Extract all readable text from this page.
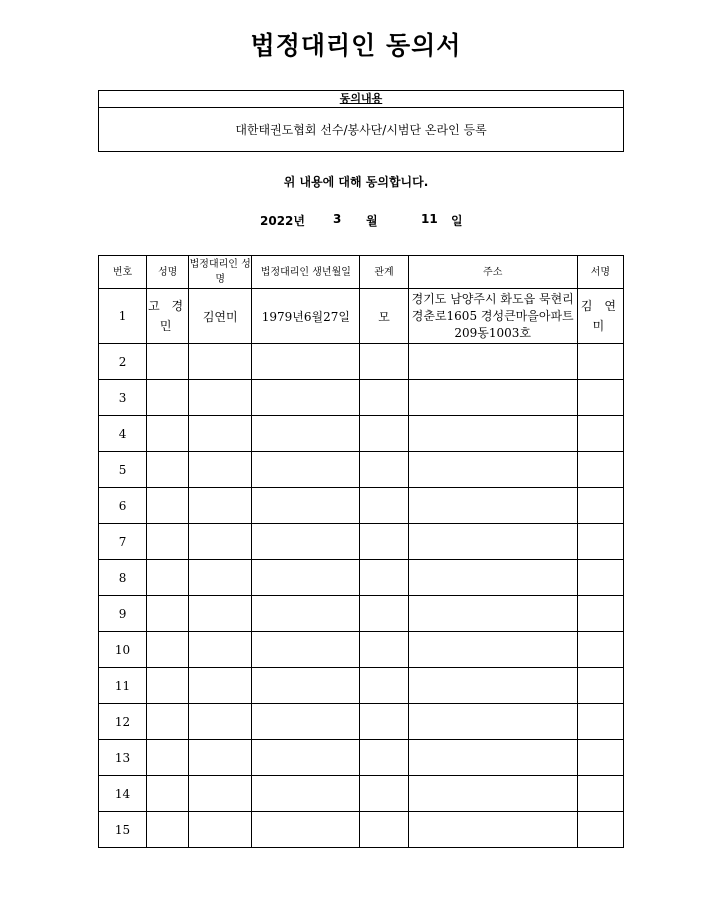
법정대리인 동의서
동의내용
대한태권도협회 선수/봉사단/시범단 온라인 등록
위 내용에 대해 동의합니다.
2022년 3 월	11 일
번호	성명	법정대리인 성명	법정대리인 생년월일	관계	주소	서명
1	고 경 민	김연미	1979년6월27일	모	경기도 남양주시 화도읍 묵현리 경춘로1605 경성큰마을아파트209동1003호	김 연 미
2						
3						
4						
5						
6						
7						
8						
9						
10						
11						
12						
13						
14						
15						
